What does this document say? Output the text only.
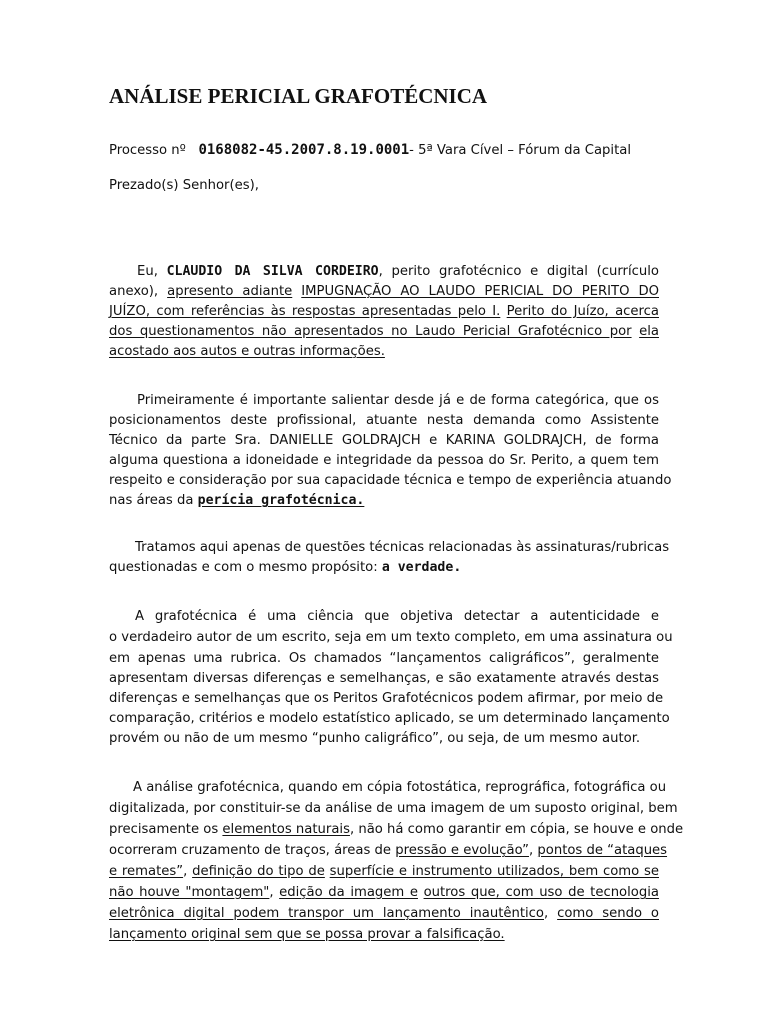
ANÁLISE PERICIAL GRAFOTÉCNICA
Processo nº 0168082-45.2007.8.19.0001- 5ª Vara Cível – Fórum da Capital
Prezado(s) Senhor(es),
Eu, CLAUDIO DA SILVA CORDEIRO, perito grafotécnico e digital (currículo
anexo), apresento adiante IMPUGNAÇÃO AO LAUDO PERICIAL DO PERITO DO
JUÍZO, com referências às respostas apresentadas pelo I. Perito do Juízo, acerca
dos questionamentos não apresentados no Laudo Pericial Grafotécnico por ela
acostado aos autos e outras informações.
Primeiramente é importante salientar desde já e de forma categórica, que os
posicionamentos deste profissional, atuante nesta demanda como Assistente
Técnico da parte Sra. DANIELLE GOLDRAJCH e KARINA GOLDRAJCH, de forma
alguma questiona a idoneidade e integridade da pessoa do Sr. Perito, a quem tem
respeito e consideração por sua capacidade técnica e tempo de experiência atuando
nas áreas da perícia grafotécnica.
Tratamos aqui apenas de questões técnicas relacionadas às assinaturas/rubricas
questionadas e com o mesmo propósito: a verdade.
A grafotécnica é uma ciência que objetiva detectar a autenticidade e
o verdadeiro autor de um escrito, seja em um texto completo, em uma assinatura ou
em apenas uma rubrica. Os chamados “lançamentos caligráficos”, geralmente
apresentam diversas diferenças e semelhanças, e são exatamente através destas
diferenças e semelhanças que os Peritos Grafotécnicos podem afirmar, por meio de
comparação, critérios e modelo estatístico aplicado, se um determinado lançamento
provém ou não de um mesmo “punho caligráfico”, ou seja, de um mesmo autor.
A análise grafotécnica, quando em cópia fotostática, reprográfica, fotográfica ou
digitalizada, por constituir-se da análise de uma imagem de um suposto original, bem
precisamente os elementos naturais, não há como garantir em cópia, se houve e onde
ocorreram cruzamento de traços, áreas de pressão e evolução”, pontos de “ataques
e remates”, definição do tipo de superfície e instrumento utilizados, bem como se
não houve "montagem", edição da imagem e outros que, com uso de tecnologia
eletrônica digital podem transpor um lançamento inautêntico, como sendo o
lançamento original sem que se possa provar a falsificação.
